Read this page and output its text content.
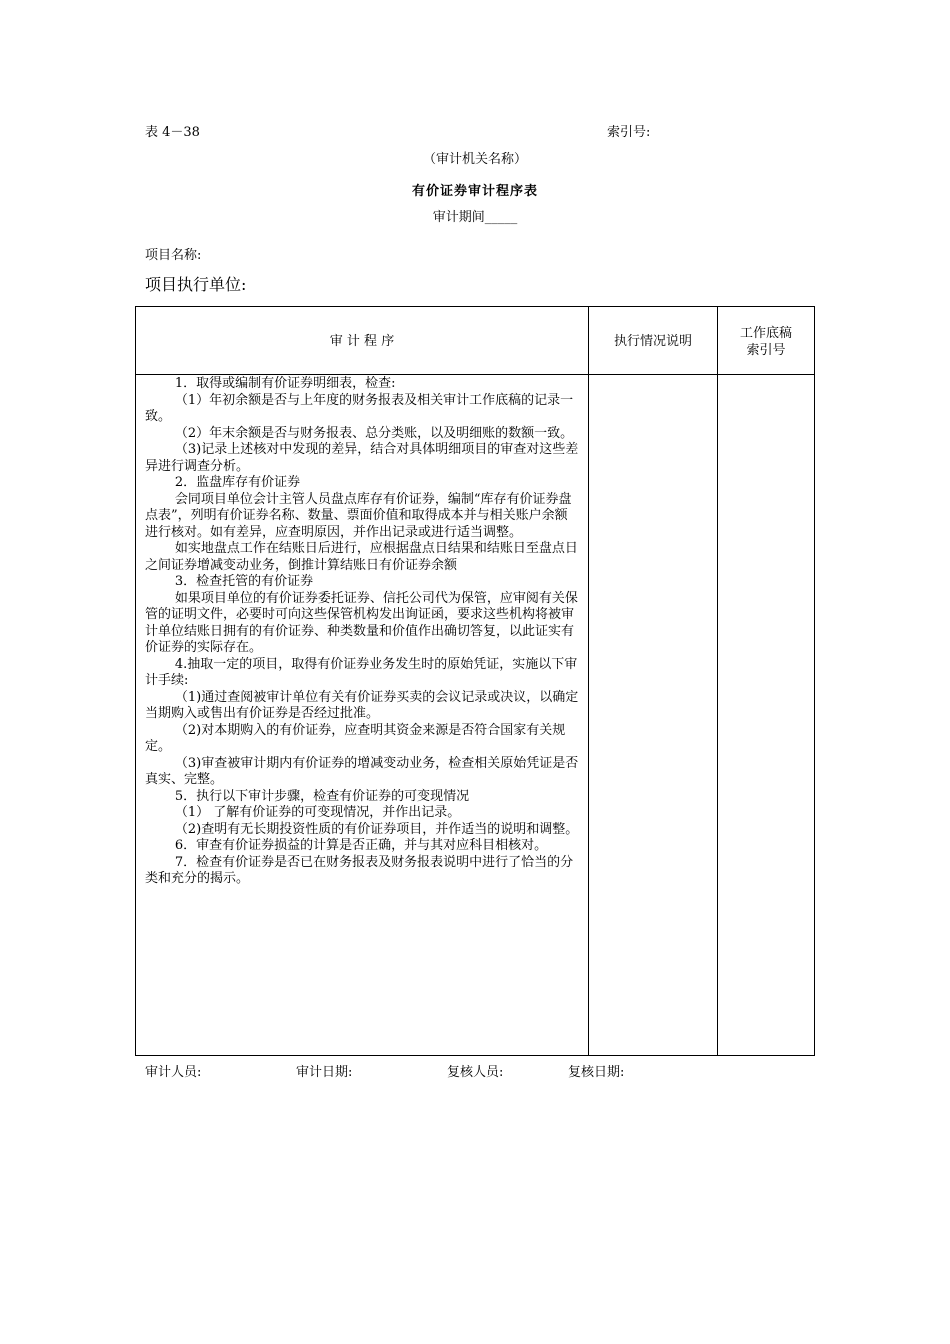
表 4－38	索引号:
（审计机关名称）
有价证券审计程序表
审计期间_____
项目名称:
项目执行单位:
审 计 程 序	执行情况说明
工作底稿
索引号

1．取得或编制有价证券明细表，检查:

（1）年初余额是否与上年度的财务报表及相关审计工作底稿的记录一致。

（2）年末余额是否与财务报表、总分类账，以及明细账的数额一致。

（3)记录上述核对中发现的差异，结合对具体明细项目的审查对这些差异进行调查分析。

2．监盘库存有价证券

会同项目单位会计主管人员盘点库存有价证券，编制“库存有价证券盘点表”，列明有价证券名称、数量、票面价值和取得成本并与相关账户余额进行核对。如有差异，应查明原因，并作出记录或进行适当调整。

如实地盘点工作在结账日后进行，应根据盘点日结果和结账日至盘点日之间证券增减变动业务，倒推计算结账日有价证券余额

3．检查托管的有价证券

如果项目单位的有价证券委托证券、信托公司代为保管，应审阅有关保管的证明文件，必要时可向这些保管机构发出询证函，要求这些机构将被审计单位结账日拥有的有价证券、种类数量和价值作出确切答复，以此证实有价证券的实际存在。

4.抽取一定的项目，取得有价证券业务发生时的原始凭证，实施以下审计手续:

（1)通过查阅被审计单位有关有价证券买卖的会议记录或决议，以确定当期购入或售出有价证券是否经过批准。

（2)对本期购入的有价证券，应查明其资金来源是否符合国家有关规定。

（3)审查被审计期内有价证券的增减变动业务，检查相关原始凭证是否真实、完整。

5．执行以下审计步骤，检查有价证券的可变现情况

（1） 了解有价证券的可变现情况，并作出记录。

（2)查明有无长期投资性质的有价证券项目，并作适当的说明和调整。

6．审查有价证券损益的计算是否正确，并与其对应科目相核对。

7．检查有价证券是否已在财务报表及财务报表说明中进行了恰当的分类和充分的揭示。

审计人员:	审计日期:	复核人员:	复核日期:
